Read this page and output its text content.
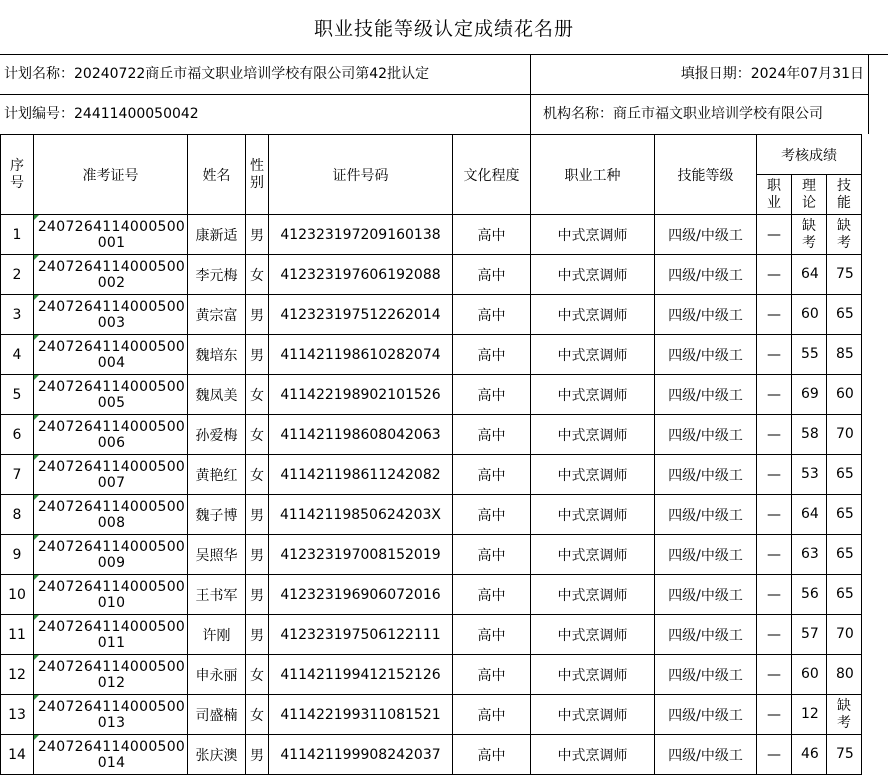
职业技能等级认定成绩花名册
计划名称：20240722商丘市福文职业培训学校有限公司第42批认定	填报日期：2024年07月31日
计划编号：24411400050042	机构名称：商丘市福文职业培训学校有限公司
序号	准考证号	姓名	性别	证件号码	文化程度	职业工种	技能等级	考核成绩		
								职业	理论	技能
1	2407264114000500001	康新适	男	412323197209160138	高中	中式烹调师	四级/中级工	—	缺考	缺考
2	2407264114000500002	李元梅	女	412323197606192088	高中	中式烹调师	四级/中级工	—	64	75
3	2407264114000500003	黄宗富	男	412323197512262014	高中	中式烹调师	四级/中级工	—	60	65
4	2407264114000500004	魏培东	男	411421198610282074	高中	中式烹调师	四级/中级工	—	55	85
5	2407264114000500005	魏凤美	女	411422198902101526	高中	中式烹调师	四级/中级工	—	69	60
6	2407264114000500006	孙爱梅	女	411421198608042063	高中	中式烹调师	四级/中级工	—	58	70
7	2407264114000500007	黄艳红	女	411421198611242082	高中	中式烹调师	四级/中级工	—	53	65
8	2407264114000500008	魏子博	男	41142119850624203X	高中	中式烹调师	四级/中级工	—	64	65
9	2407264114000500009	吴照华	男	412323197008152019	高中	中式烹调师	四级/中级工	—	63	65
10	2407264114000500010	王书军	男	412323196906072016	高中	中式烹调师	四级/中级工	—	56	65
11	2407264114000500011	许刚	男	412323197506122111	高中	中式烹调师	四级/中级工	—	57	70
12	2407264114000500012	申永丽	女	411421199412152126	高中	中式烹调师	四级/中级工	—	60	80
13	2407264114000500013	司盛楠	女	411422199311081521	高中	中式烹调师	四级/中级工	—	12	缺考
14	2407264114000500014	张庆澳	男	411421199908242037	高中	中式烹调师	四级/中级工	—	46	75
